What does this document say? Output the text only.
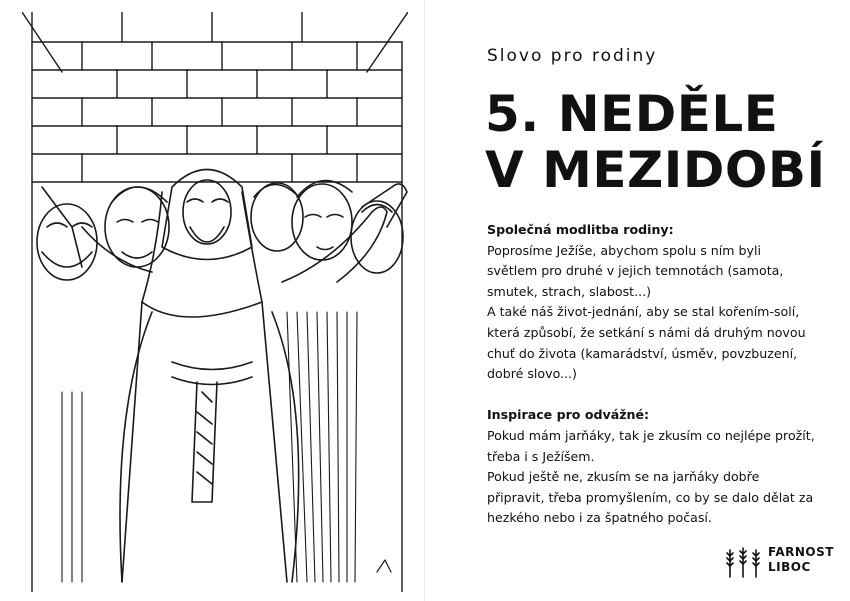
Slovo pro rodiny
5. NEDĚLE
V MEZIDOBÍ

Společná modlitba rodiny:

Poprosíme Ježíše, abychom spolu s ním byli

světlem pro druhé v jejich temnotách (samota,

smutek, strach, slabost...)

A také náš život-jednání, aby se stal kořením-solí,

která způsobí, že setkání s námi dá druhým novou

chuť do života (kamarádství, úsměv, povzbuzení,

dobré slovo...)

Inspirace pro odvážné:

Pokud mám jarňáky, tak je zkusím co nejlépe prožít,

třeba i s Ježíšem.

Pokud ještě ne, zkusím se na jarňáky dobře

připravit, třeba promyšlením, co by se dalo dělat za

hezkého nebo i za špatného počasí.

FARNOST
LIBOC
